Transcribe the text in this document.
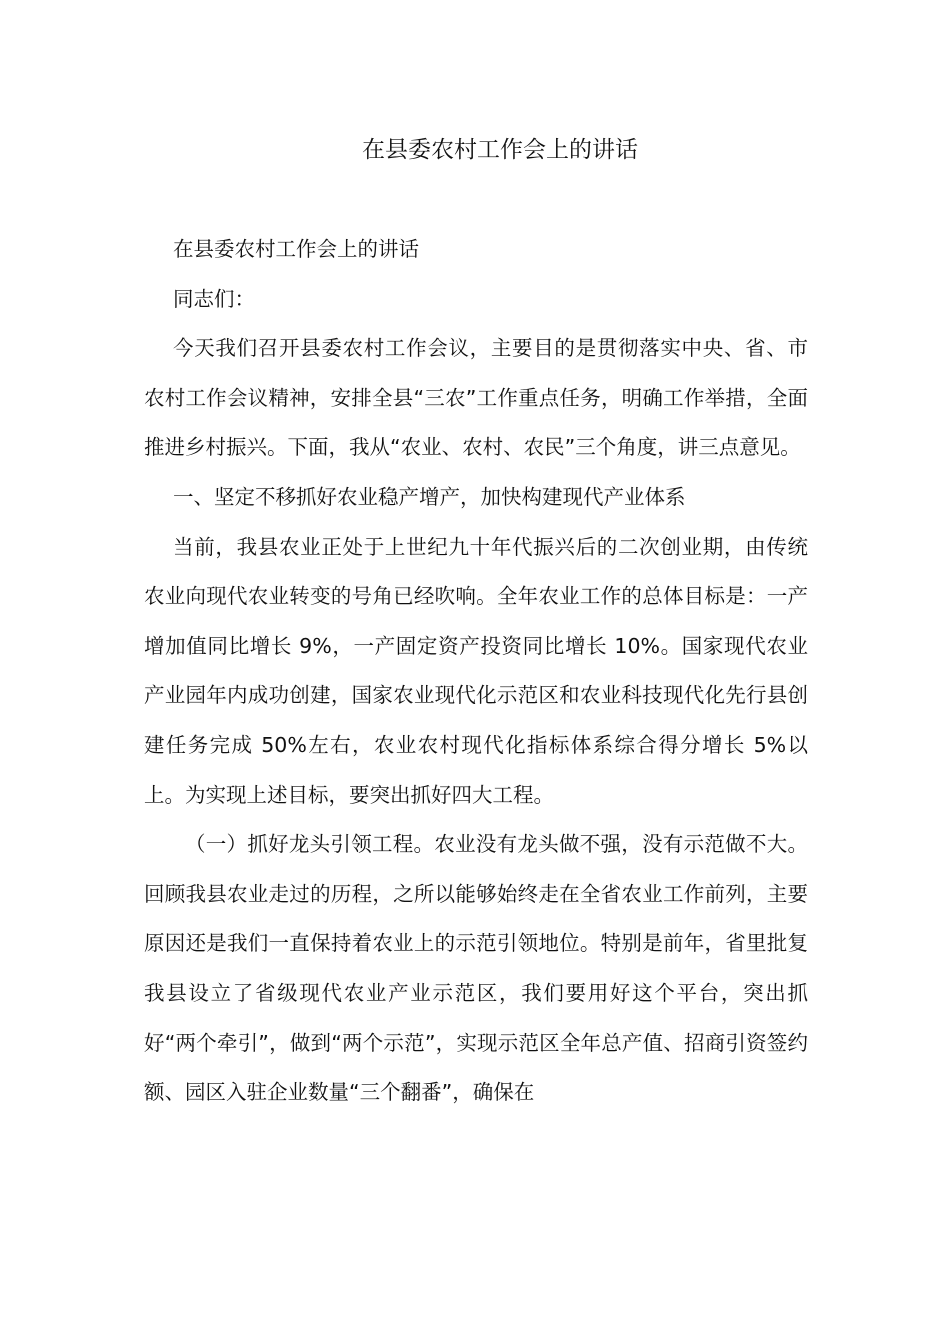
在县委农村工作会上的讲话

在县委农村工作会上的讲话

同志们：

今天我们召开县委农村工作会议，主要目的是贯彻落实中央、省、市农村工作会议精神，安排全县“三农”工作重点任务，明确工作举措，全面推进乡村振兴。下面，我从“农业、农村、农民”三个角度，讲三点意见。

一、坚定不移抓好农业稳产增产，加快构建现代产业体系

当前，我县农业正处于上世纪九十年代振兴后的二次创业期，由传统农业向现代农业转变的号角已经吹响。全年农业工作的总体目标是：一产增加值同比增长 9%，一产固定资产投资同比增长 10%。国家现代农业产业园年内成功创建，国家农业现代化示范区和农业科技现代化先行县创建任务完成 50%左右，农业农村现代化指标体系综合得分增长 5%以上。为实现上述目标，要突出抓好四大工程。

（一）抓好龙头引领工程。农业没有龙头做不强，没有示范做不大。回顾我县农业走过的历程，之所以能够始终走在全省农业工作前列，主要原因还是我们一直保持着农业上的示范引领地位。特别是前年，省里批复我县设立了省级现代农业产业示范区，我们要用好这个平台，突出抓好“两个牵引”，做到“两个示范”，实现示范区全年总产值、招商引资签约额、园区入驻企业数量“三个翻番”，确保在
